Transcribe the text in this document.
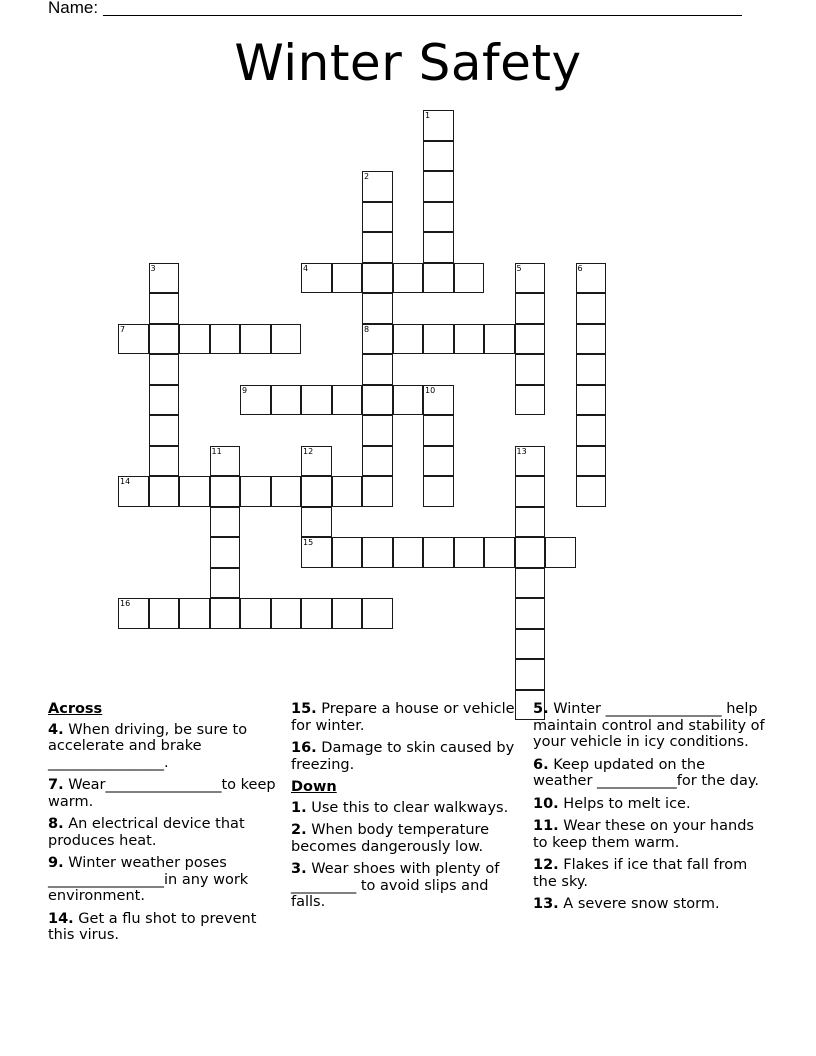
Name:
Winter Safety
1
2
8
3	4	5	6
7
9	10
11	12
15
13
14
16
Across
4. When driving, be sure to accelerate and brake ________________.
7. Wear________________to keep warm.
8. An electrical device that produces heat.
9. Winter weather poses ________________in any work environment.
14. Get a flu shot to prevent this virus.
15. Prepare a house or vehicle for winter.
16. Damage to skin caused by freezing.
Down
1. Use this to clear walkways.
2. When body temperature becomes dangerously low.
3. Wear shoes with plenty of _________ to avoid slips and falls.
5. Winter ________________ help maintain control and stability of your vehicle in icy conditions.
6. Keep updated on the weather ___________for the day.
10. Helps to melt ice.
11. Wear these on your hands to keep them warm.
12. Flakes if ice that fall from the sky.
13. A severe snow storm.
